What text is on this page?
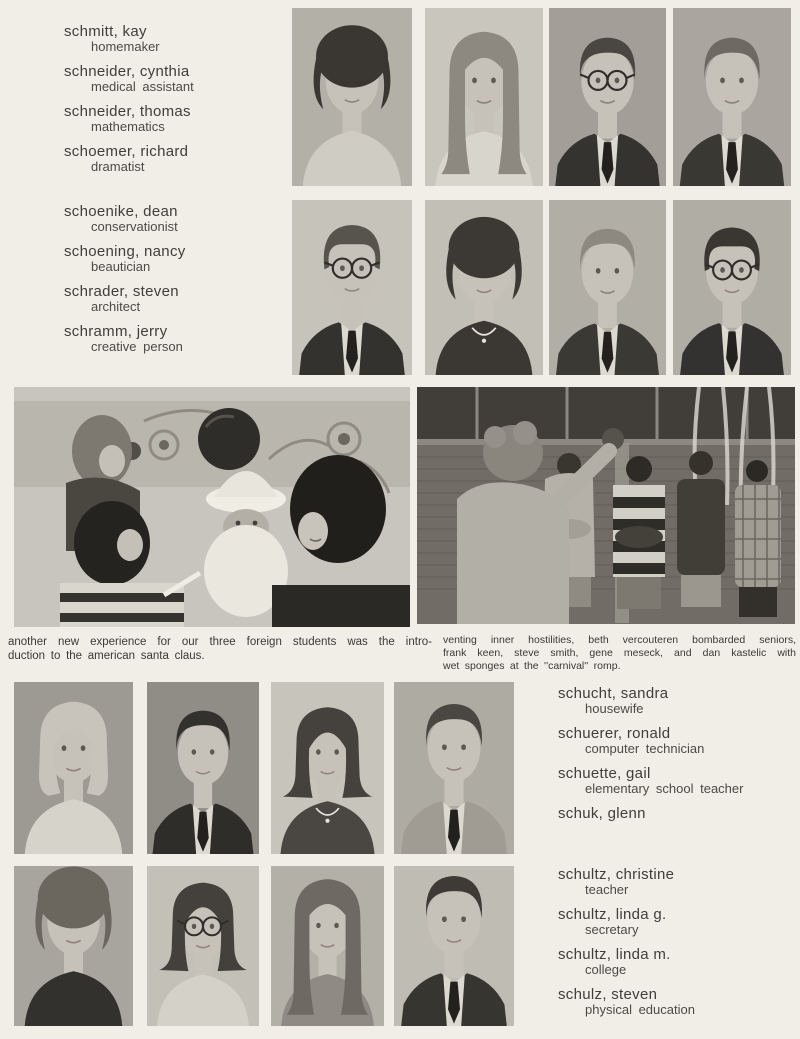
schmitt, kay
homemaker
schneider, cynthia
medical assistant
schneider, thomas
mathematics
schoemer, richard
dramatist
schoenike, dean
conservationist
schoening, nancy
beautician
schrader, steven
architect
schramm, jerry
creative person
another new experience for our three foreign students was the intro-
duction to the american santa claus.
venting inner hostilities, beth vercouteren bombarded seniors,
frank keen, steve smith, gene meseck, and dan kastelic with
wet sponges at the ''carnival'' romp.
schucht, sandra
housewife
schuerer, ronald
computer technician
schuette, gail
elementary school teacher
schuk, glenn
schultz, christine
teacher
schultz, linda g.
secretary
schultz, linda m.
college
schulz, steven
physical education
